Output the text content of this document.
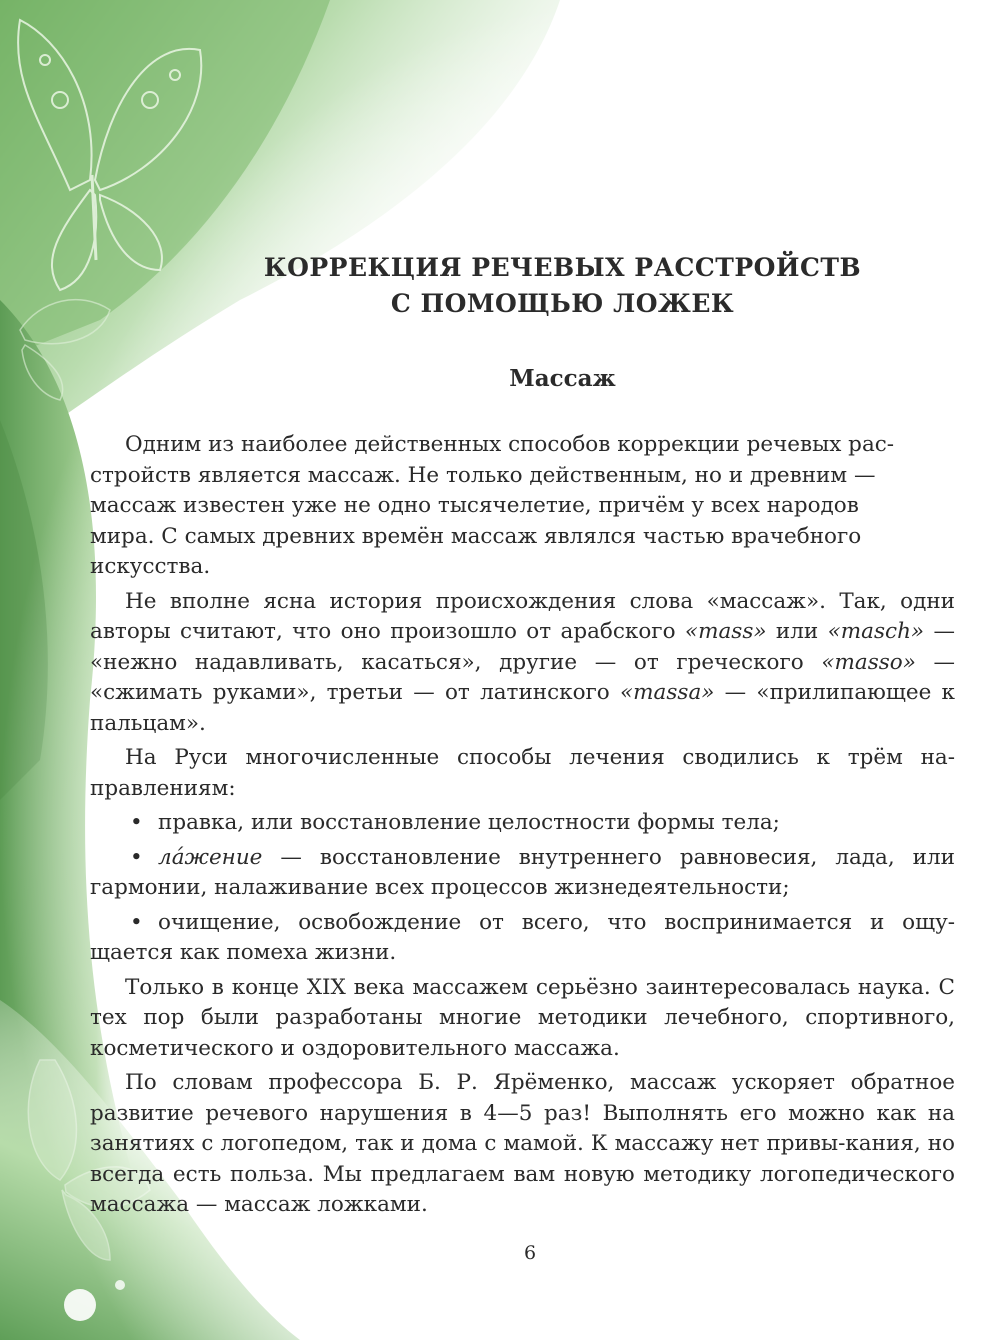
КОРРЕКЦИЯ РЕЧЕВЫХ РАССТРОЙСТВ
С ПОМОЩЬЮ ЛОЖЕК
Массаж
Одним из наиболее действенных способов коррекции речевых рас-
стройств является массаж. Не только действенным, но и древним —
массаж известен уже не одно тысячелетие, причём у всех народов
мира. С самых древних времён массаж являлся частью врачебного
искусства.
Не вполне ясна история происхождения слова «массаж». Так, одни авторы считают, что оно произошло от арабского «mass» или «masch» — «нежно надавливать, касаться», другие — от греческого «masso» — «сжимать руками», третьи — от латинского «massa» — «прилипающее к пальцам».
На Руси многочисленные способы лечения сводились к трём на-правлениям:
• правка, или восстановление целостности формы тела;
• ла́жение — восстановление внутреннего равновесия, лада, или гармонии, налаживание всех процессов жизнедеятельности;
• очищение, освобождение от всего, что воспринимается и ощу-щается как помеха жизни.
Только в конце XIX века массажем серьёзно заинтересовалась наука. С тех пор были разработаны многие методики лечебного, спортивного, косметического и оздоровительного массажа.
По словам профессора Б. Р. Ярёменко, массаж ускоряет обратное развитие речевого нарушения в 4—5 раз! Выполнять его можно как на занятиях с логопедом, так и дома с мамой. К массажу нет привы-кания, но всегда есть польза. Мы предлагаем вам новую методику логопедического массажа — массаж ложками.
6
